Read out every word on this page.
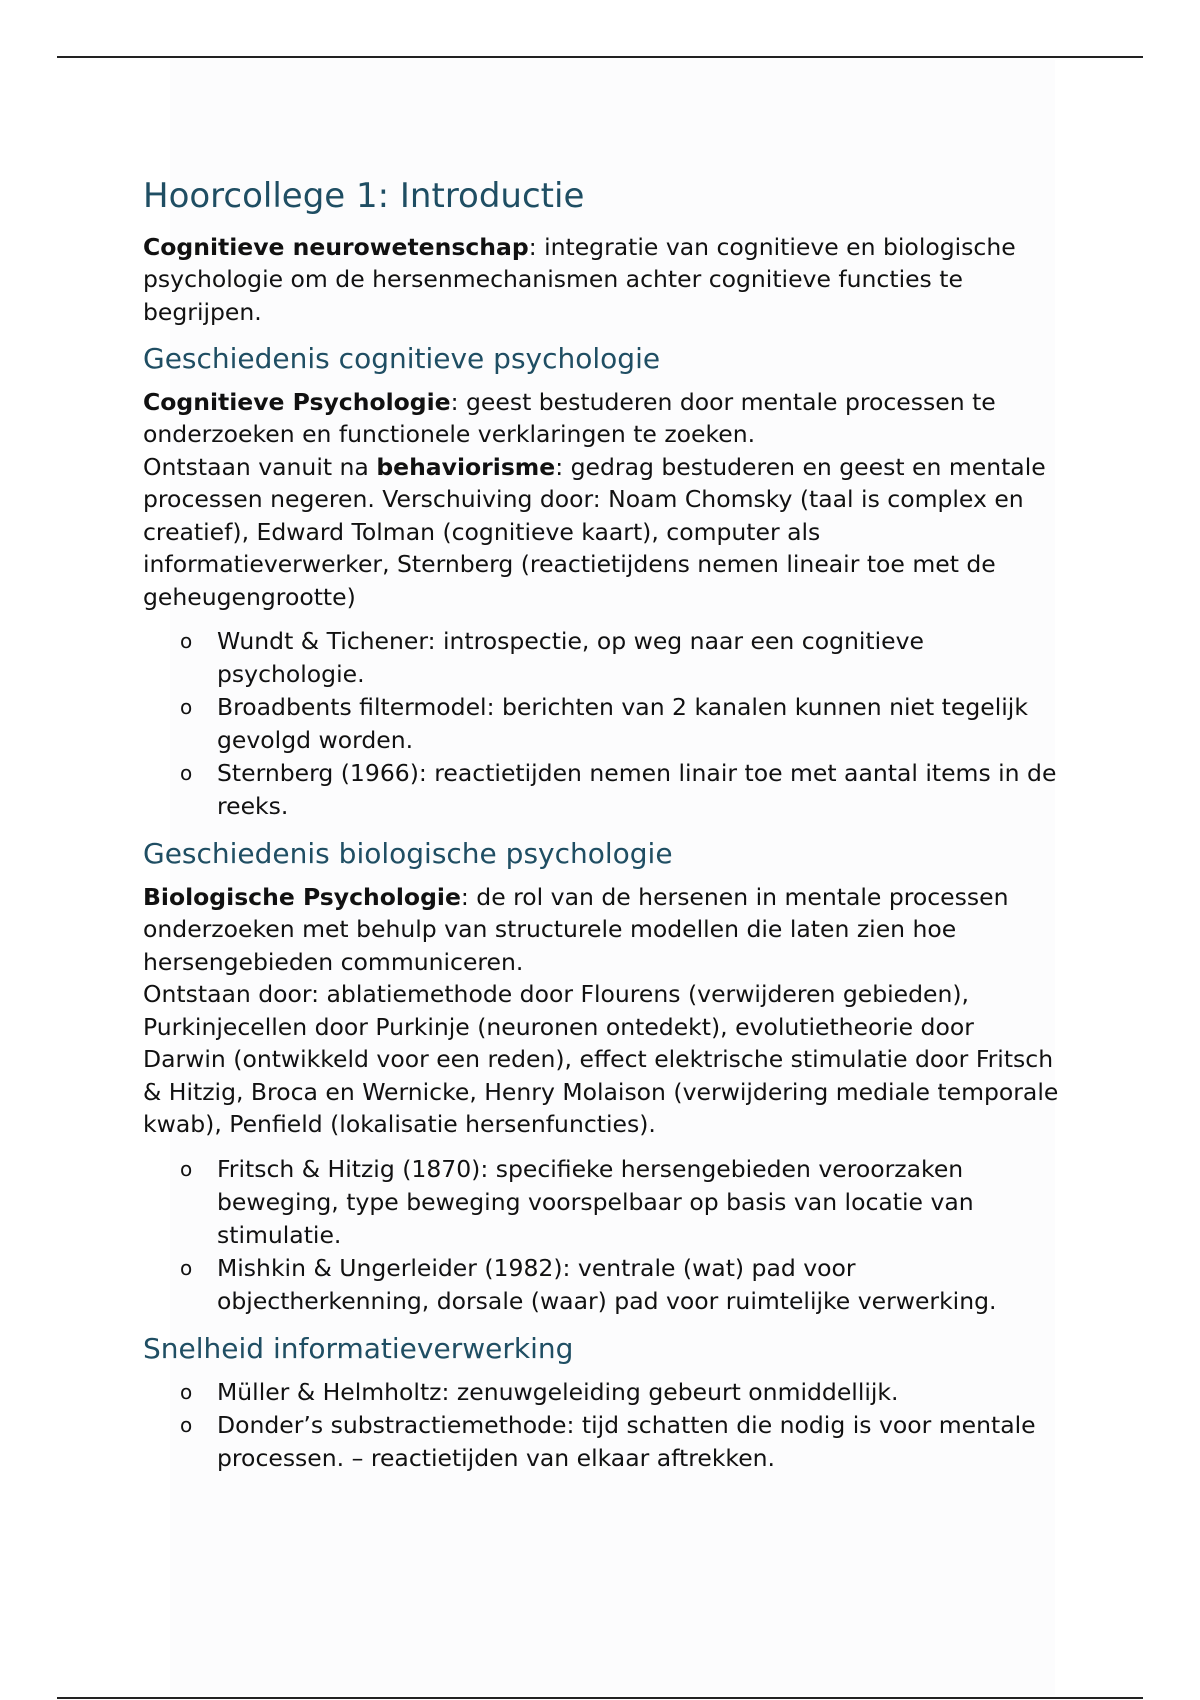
Hoorcollege 1: Introductie

Cognitieve neurowetenschap: integratie van cognitieve en biologische psychologie om de hersenmechanismen achter cognitieve functies te begrijpen.

Geschiedenis cognitieve psychologie

Cognitieve Psychologie: geest bestuderen door mentale processen te onderzoeken en functionele verklaringen te zoeken.

Ontstaan vanuit na behaviorisme: gedrag bestuderen en geest en mentale processen negeren. Verschuiving door: Noam Chomsky (taal is complex en creatief), Edward Tolman (cognitieve kaart), computer als informatieverwerker, Sternberg (reactietijdens nemen lineair toe met de geheugengrootte)

o Wundt & Tichener: introspectie, op weg naar een cognitieve psychologie.
o Broadbents filtermodel: berichten van 2 kanalen kunnen niet tegelijk gevolgd worden.
o Sternberg (1966): reactietijden nemen linair toe met aantal items in de reeks.
Geschiedenis biologische psychologie

Biologische Psychologie: de rol van de hersenen in mentale processen onderzoeken met behulp van structurele modellen die laten zien hoe hersengebieden communiceren.

Ontstaan door: ablatiemethode door Flourens (verwijderen gebieden), Purkinjecellen door Purkinje (neuronen ontedekt), evolutietheorie door Darwin (ontwikkeld voor een reden), effect elektrische stimulatie door Fritsch & Hitzig, Broca en Wernicke, Henry Molaison (verwijdering mediale temporale kwab), Penfield (lokalisatie hersenfuncties).

o Fritsch & Hitzig (1870): specifieke hersengebieden veroorzaken beweging, type beweging voorspelbaar op basis van locatie van stimulatie.
o Mishkin & Ungerleider (1982): ventrale (wat) pad voor objectherkenning, dorsale (waar) pad voor ruimtelijke verwerking.
Snelheid informatieverwerking
o Müller & Helmholtz: zenuwgeleiding gebeurt onmiddellijk.
o Donder’s substractiemethode: tijd schatten die nodig is voor mentale processen. – reactietijden van elkaar aftrekken.
